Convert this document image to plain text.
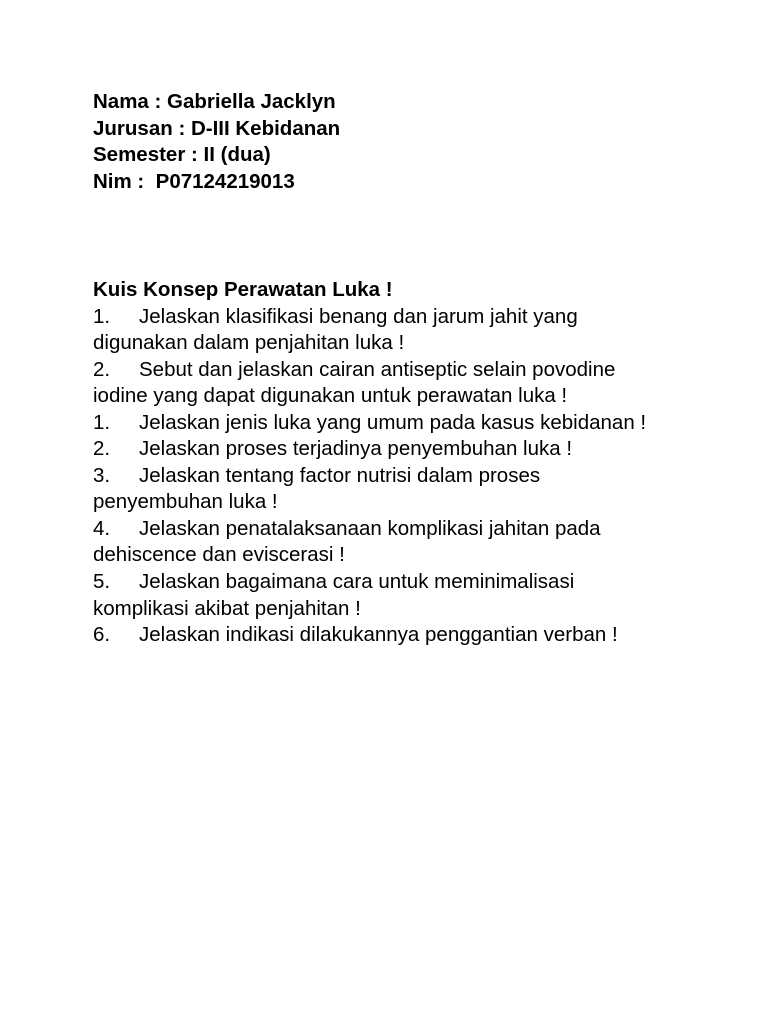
Nama : Gabriella Jacklyn
Jurusan : D-III Kebidanan
Semester : II (dua)
Nim :  P07124219013
Kuis Konsep Perawatan Luka !
1. Jelaskan klasifikasi benang dan jarum jahit yang digunakan dalam penjahitan luka !
2. Sebut dan jelaskan cairan antiseptic selain povodine iodine yang dapat digunakan untuk perawatan luka !
1. Jelaskan jenis luka yang umum pada kasus kebidanan !
2. Jelaskan proses terjadinya penyembuhan luka !
3. Jelaskan tentang factor nutrisi dalam proses penyembuhan luka !
4. Jelaskan penatalaksanaan komplikasi jahitan pada dehiscence dan eviscerasi !
5. Jelaskan bagaimana cara untuk meminimalisasi komplikasi akibat penjahitan !
6. Jelaskan indikasi dilakukannya penggantian verban !
